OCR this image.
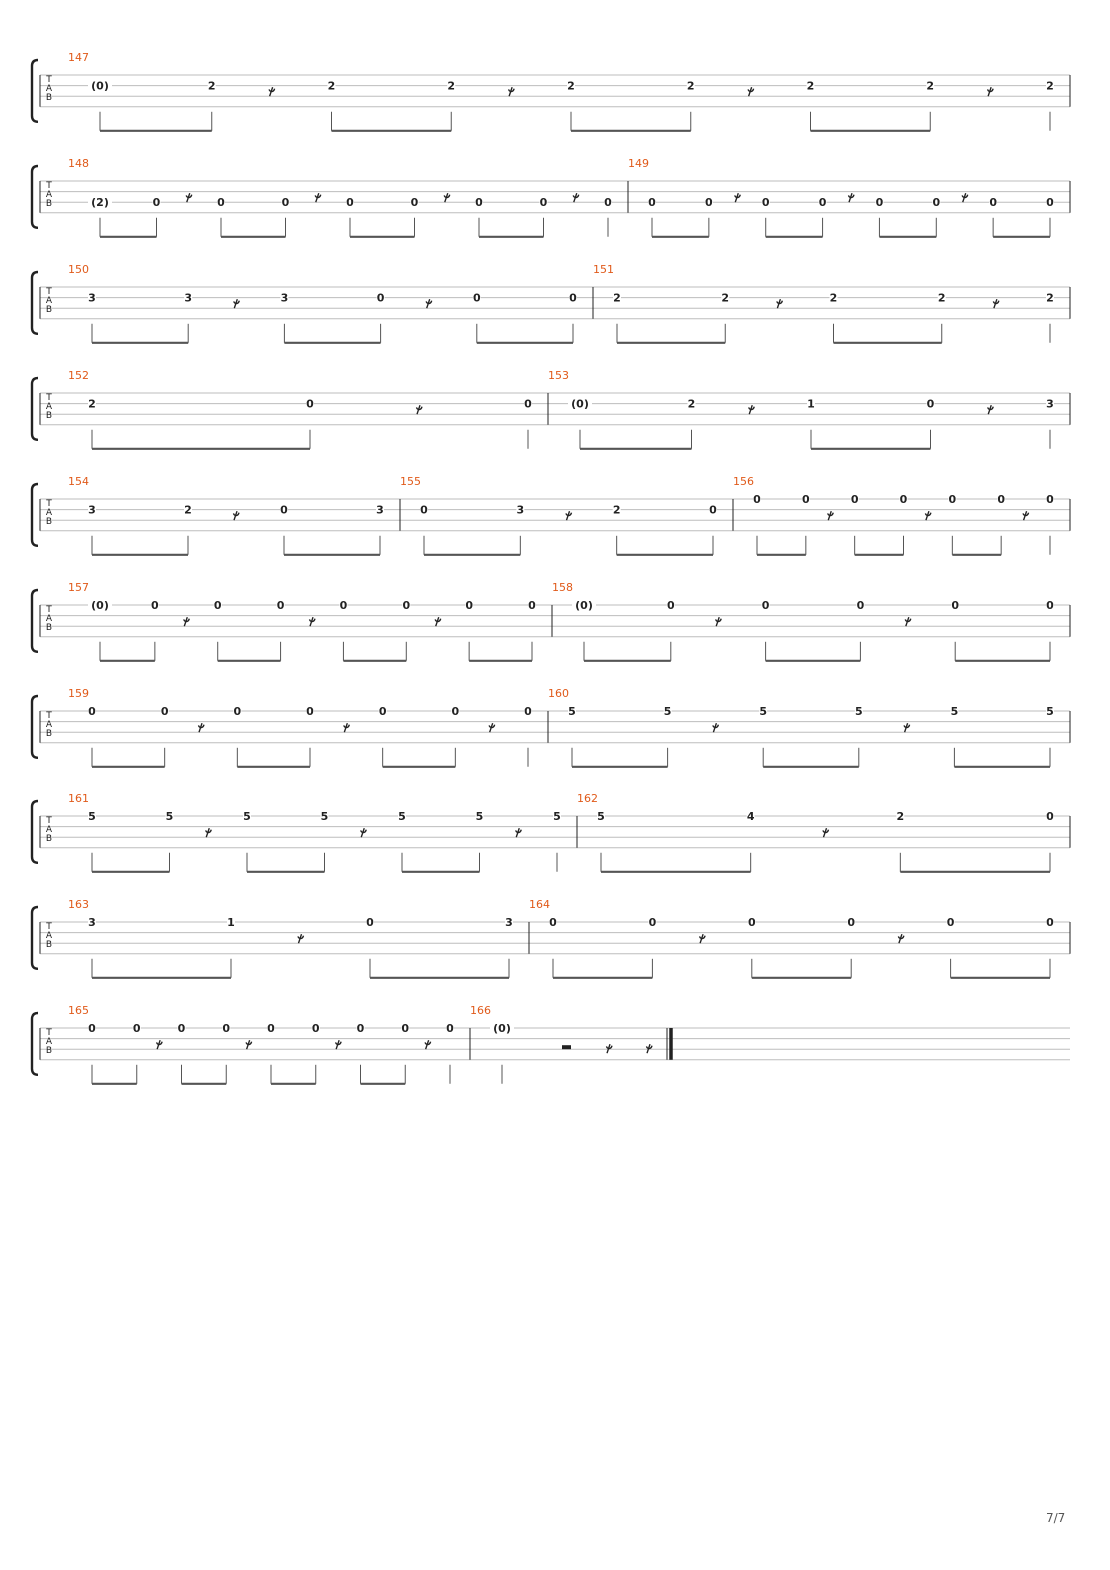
T
A
B
147
(0)	2	2	2	2	2	2	2	2
T
A
B
148
(2)	0	0	0	0	0	0	0	0
149
0	0	0	0	0	0	0	0
T
A
B
150
3	3	3	0	0	0
151
2	2	2	2	2
T
A
B
152
2	0	0
153
(0)	2	1	0	3
T
A
B
154
3	2	0	3
155
0	3	2	0
156
0	0	0	0	0	0	0
T
A
B
157
(0)	0	0	0	0	0	0	0
158
(0)	0	0	0	0	0
T
A
B
159
0	0	0	0	0	0	0
160
5	5	5	5	5	5
T
A
B
161
5	5	5	5	5	5	5
162
5	4	2	0
T
A
B
163
3	1	0	3
164
0	0	0	0	0	0
T
A
B
165
0	0	0	0	0	0	0	0	0
166
(0)
7/7
